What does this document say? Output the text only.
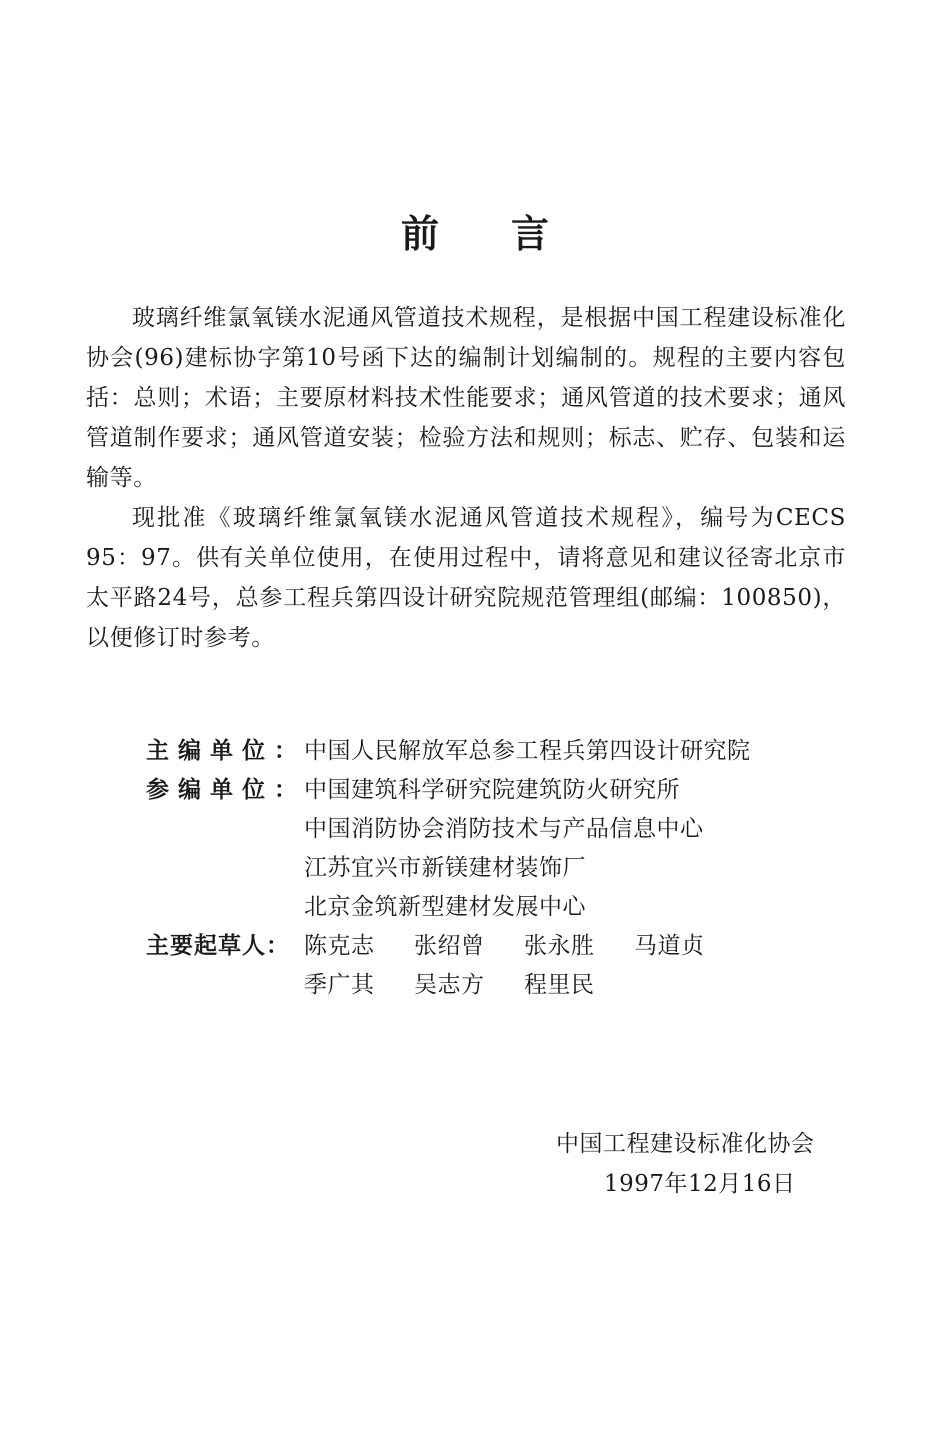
前言

玻璃纤维氯氧镁水泥通风管道技术规程，是根据中国工程建设标准化协会(96)建标协字第10号函下达的编制计划编制的。规程的主要内容包括：总则；术语；主要原材料技术性能要求；通风管道的技术要求；通风管道制作要求；通风管道安装；检验方法和规则；标志、贮存、包装和运输等。

现批准《玻璃纤维氯氧镁水泥通风管道技术规程》，编号为CECS 95：97。供有关单位使用，在使用过程中，请将意见和建议径寄北京市太平路24号，总参工程兵第四设计研究院规范管理组(邮编：100850)，以便修订时参考。

主编单位：
中国人民解放军总参工程兵第四设计研究院
参编单位：
中国建筑科学研究院建筑防火研究所
中国消防协会消防技术与产品信息中心
江苏宜兴市新镁建材装饰厂
北京金筑新型建材发展中心
主要起草人： 陈克志	张绍曾	张永胜	马道贞
季广其	吴志方	程里民
中国工程建设标准化协会
1997年12月16日
